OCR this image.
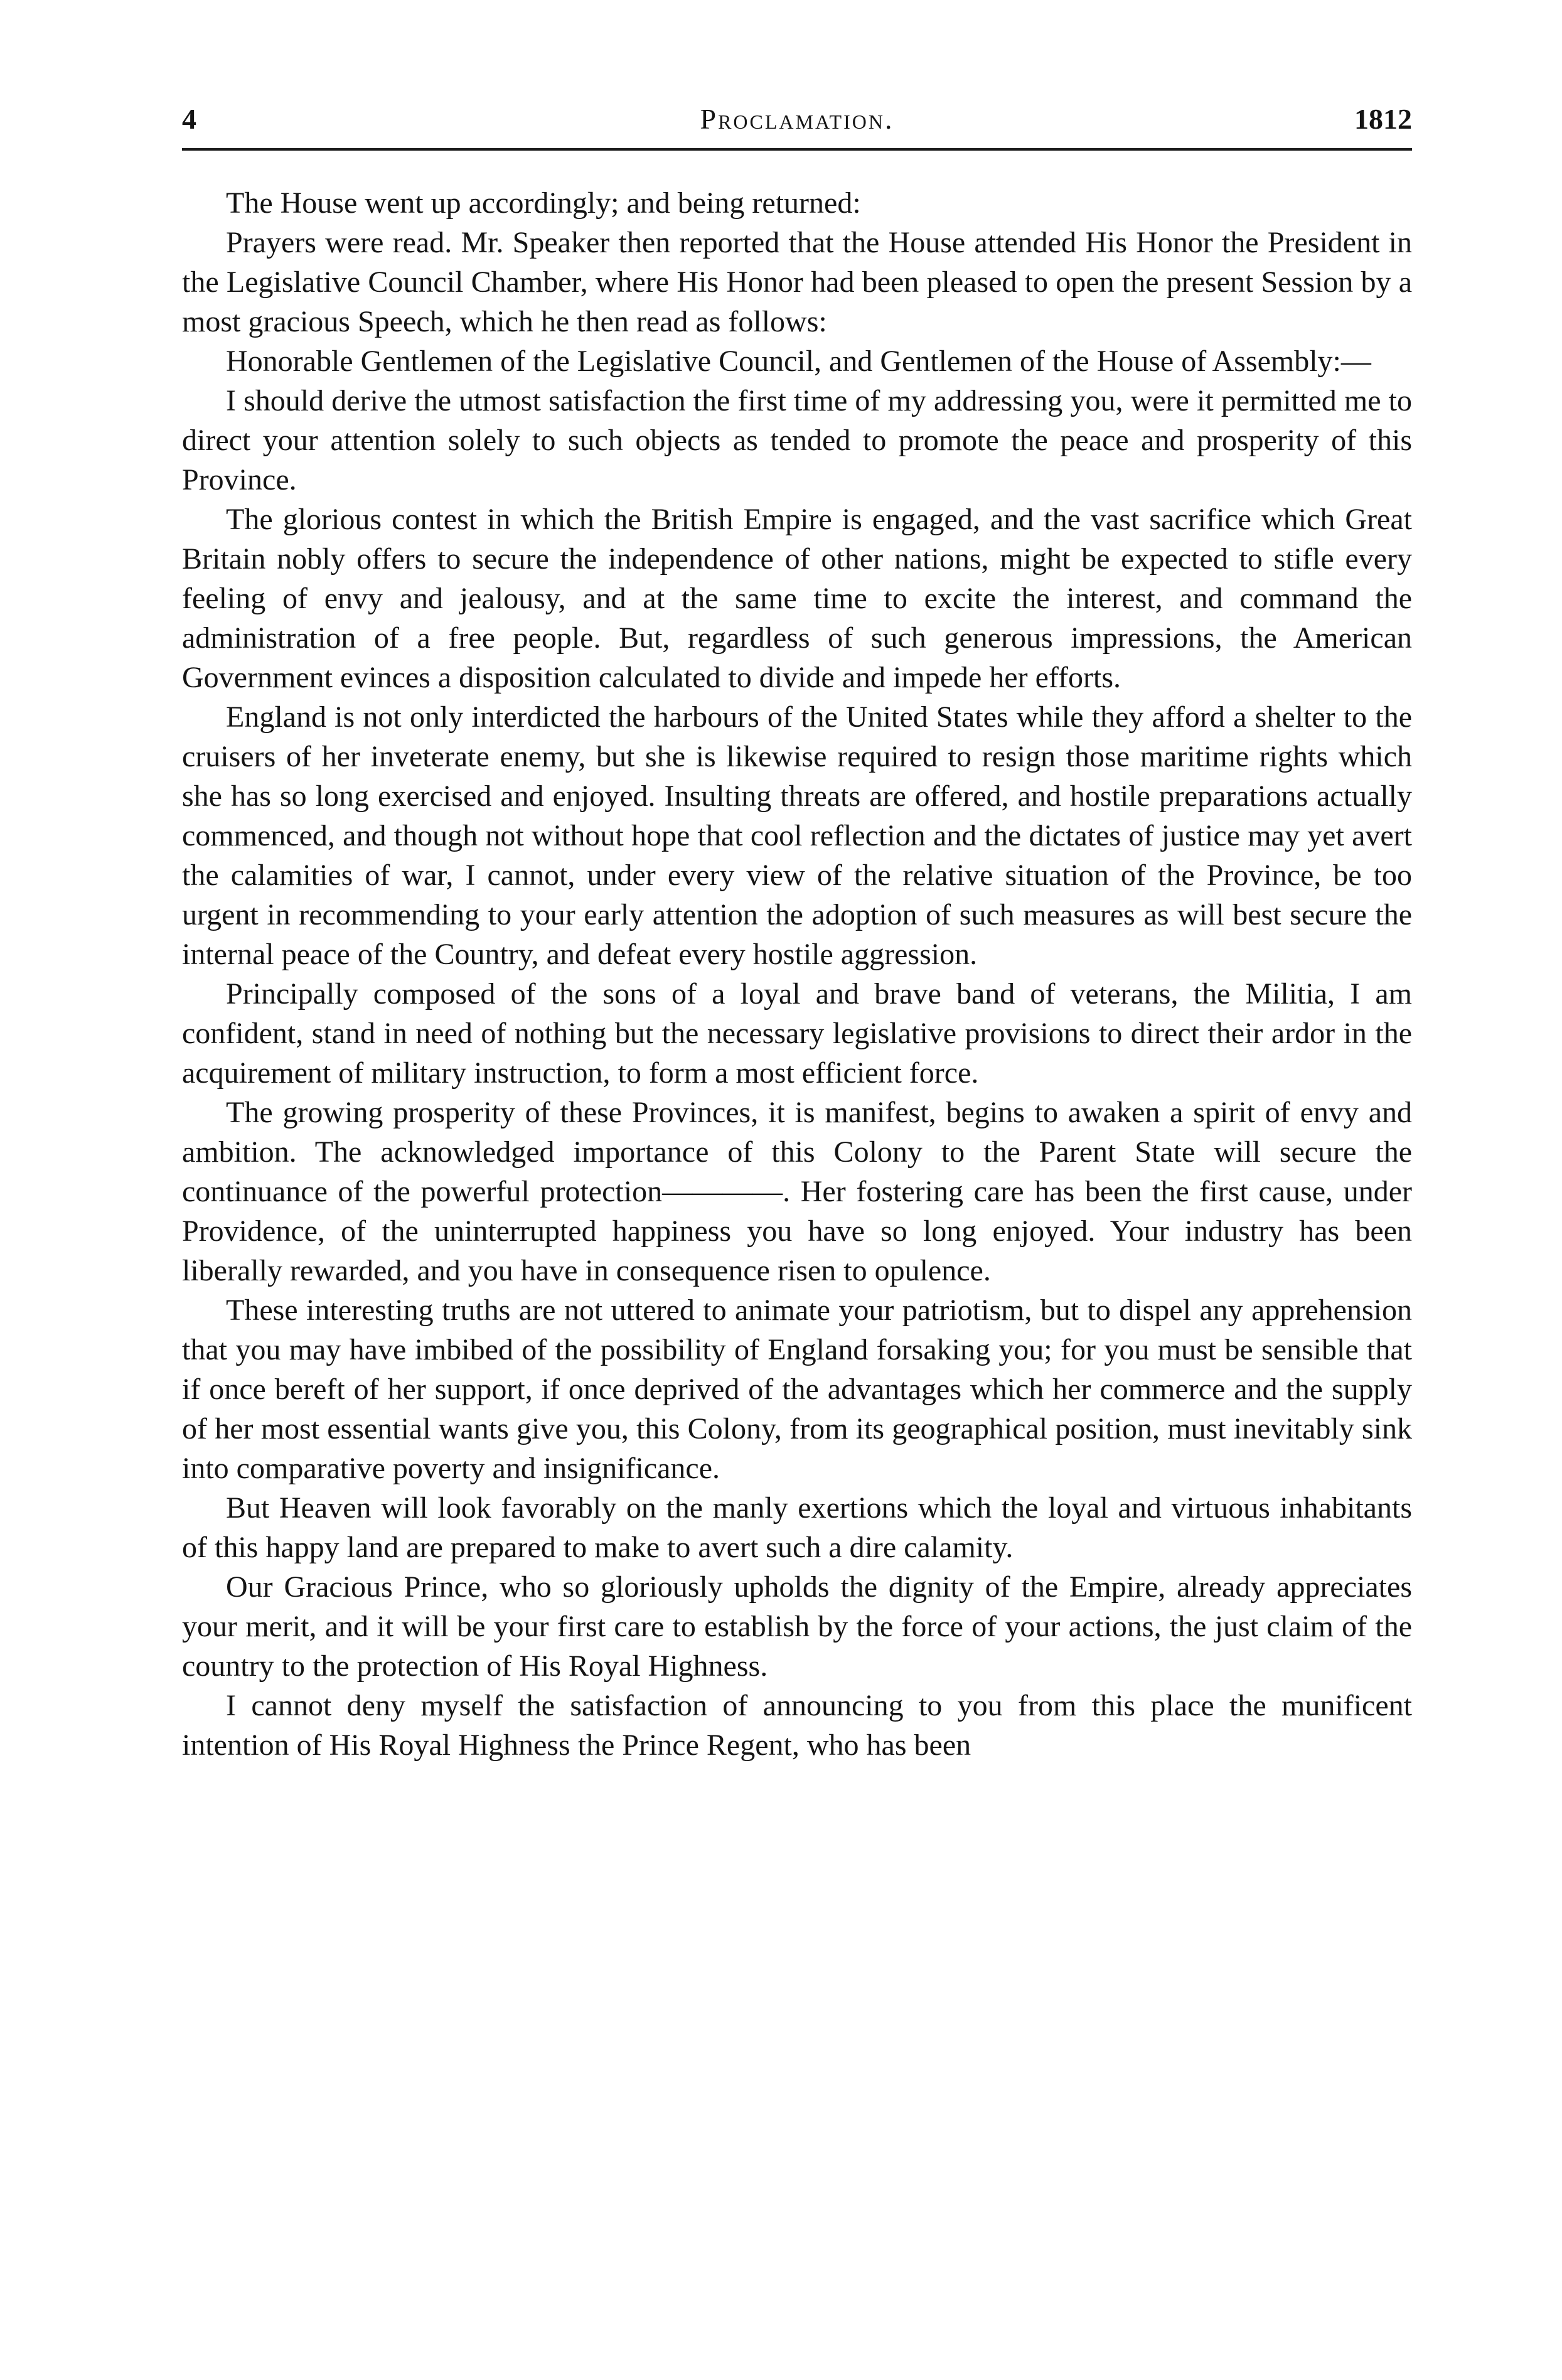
4	Proclamation.	1812

The House went up accordingly; and being returned:

Prayers were read. Mr. Speaker then reported that the House attended His Honor the President in the Legislative Council Chamber, where His Honor had been pleased to open the present Session by a most gracious Speech, which he then read as follows:

Honorable Gentlemen of the Legislative Council, and Gentlemen of the House of Assembly:—

I should derive the utmost satisfaction the first time of my addressing you, were it permitted me to direct your attention solely to such objects as tended to promote the peace and prosperity of this Province.

The glorious contest in which the British Empire is engaged, and the vast sacrifice which Great Britain nobly offers to secure the independence of other nations, might be expected to stifle every feeling of envy and jealousy, and at the same time to excite the interest, and command the administration of a free people. But, regardless of such generous impressions, the American Government evinces a disposition calculated to divide and impede her efforts.

England is not only interdicted the harbours of the United States while they afford a shelter to the cruisers of her inveterate enemy, but she is likewise required to resign those maritime rights which she has so long exercised and enjoyed. Insulting threats are offered, and hostile preparations actually commenced, and though not without hope that cool reflection and the dictates of justice may yet avert the calamities of war, I cannot, under every view of the relative situation of the Province, be too urgent in recommending to your early attention the adoption of such measures as will best secure the internal peace of the Country, and defeat every hostile aggression.

Principally composed of the sons of a loyal and brave band of veterans, the Militia, I am confident, stand in need of nothing but the necessary legislative provisions to direct their ardor in the acquirement of military instruction, to form a most efficient force.

The growing prosperity of these Provinces, it is manifest, begins to awaken a spirit of envy and ambition. The acknowledged importance of this Colony to the Parent State will secure the continuance of the powerful protection————. Her fostering care has been the first cause, under Providence, of the uninterrupted happiness you have so long enjoyed. Your industry has been liberally rewarded, and you have in consequence risen to opulence.

These interesting truths are not uttered to animate your patriotism, but to dispel any apprehension that you may have imbibed of the possibility of England forsaking you; for you must be sensible that if once bereft of her support, if once deprived of the advantages which her commerce and the supply of her most essential wants give you, this Colony, from its geographical position, must inevitably sink into comparative poverty and insignificance.

But Heaven will look favorably on the manly exertions which the loyal and virtuous inhabitants of this happy land are prepared to make to avert such a dire calamity.

Our Gracious Prince, who so gloriously upholds the dignity of the Empire, already appreciates your merit, and it will be your first care to establish by the force of your actions, the just claim of the country to the protection of His Royal Highness.

I cannot deny myself the satisfaction of announcing to you from this place the munificent intention of His Royal Highness the Prince Regent, who has been
